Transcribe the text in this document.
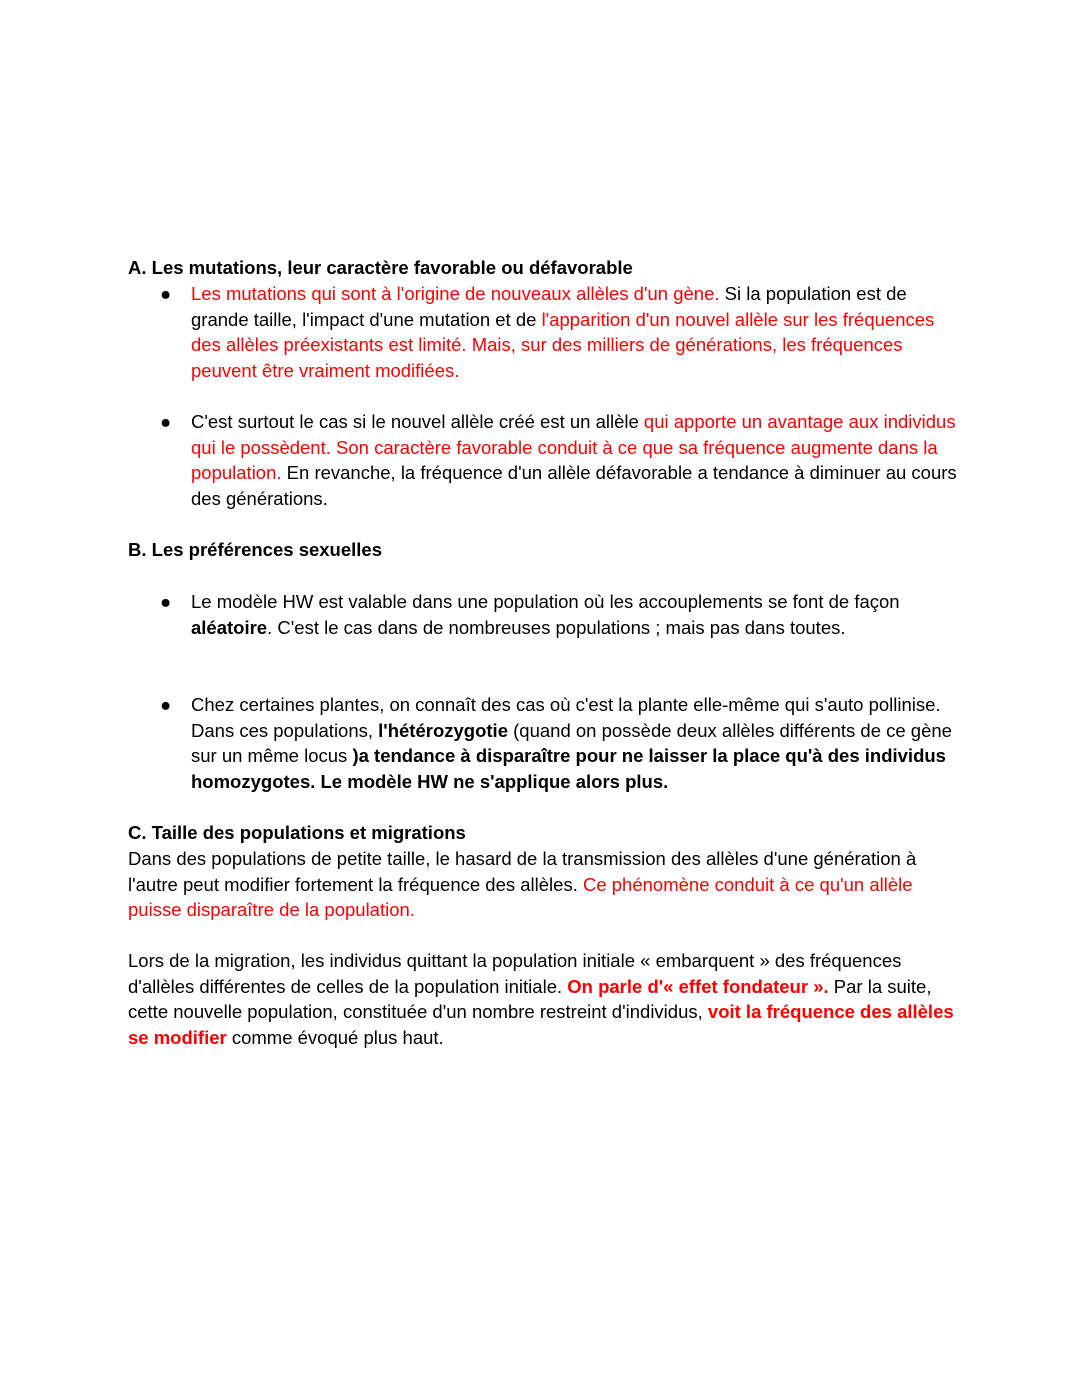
A. Les mutations, leur caractère favorable ou défavorable

●	Les mutations qui sont à l'origine de nouveaux allèles d'un gène. Si la population est de grande taille, l'impact d'une mutation et de l'apparition d'un nouvel allèle sur les fréquences des allèles préexistants est limité. Mais, sur des milliers de générations, les fréquences peuvent être vraiment modifiées.

●	C'est surtout le cas si le nouvel allèle créé est un allèle qui apporte un avantage aux individus qui le possèdent. Son caractère favorable conduit à ce que sa fréquence augmente dans la population. En revanche, la fréquence d'un allèle défavorable a tendance à diminuer au cours des générations.

B. Les préférences sexuelles

●	Le modèle HW est valable dans une population où les accouplements se font de façon aléatoire. C'est le cas dans de nombreuses populations ; mais pas dans toutes.

●	Chez certaines plantes, on connaît des cas où c'est la plante elle-même qui s'auto pollinise. Dans ces populations, l'hétérozygotie (quand on possède deux allèles différents de ce gène sur un même locus )a tendance à disparaître pour ne laisser la place qu'à des individus homozygotes. Le modèle HW ne s'applique alors plus.

C. Taille des populations et migrations

Dans des populations de petite taille, le hasard de la transmission des allèles d'une génération à l'autre peut modifier fortement la fréquence des allèles. Ce phénomène conduit à ce qu'un allèle puisse disparaître de la population.

Lors de la migration, les individus quittant la population initiale « embarquent » des fréquences d'allèles différentes de celles de la population initiale. On parle d'« effet fondateur ». Par la suite, cette nouvelle population, constituée d'un nombre restreint d'individus, voit la fréquence des allèles se modifier comme évoqué plus haut.
